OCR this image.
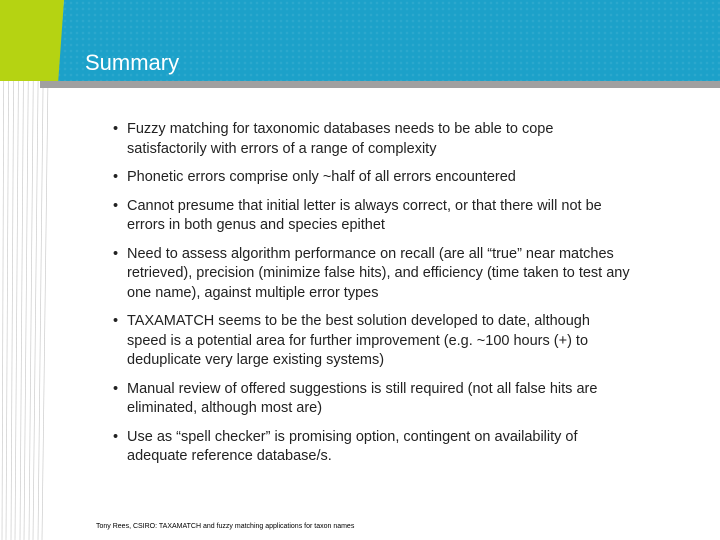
Summary
• Fuzzy matching for taxonomic databases needs to be able to cope satisfactorily with errors of a range of complexity
• Phonetic errors comprise only ~half of all errors encountered
• Cannot presume that initial letter is always correct, or that there will not be errors in both genus and species epithet
• Need to assess algorithm performance on recall (are all “true” near matches retrieved), precision (minimize false hits), and efficiency (time taken to test any one name), against multiple error types
• TAXAMATCH seems to be the best solution developed to date, although speed is a potential area for further improvement (e.g. ~100 hours (+) to deduplicate very large existing systems)
• Manual review of offered suggestions is still required (not all false hits are eliminated, although most are)
• Use as “spell checker” is promising option, contingent on availability of adequate reference database/s.
Tony Rees, CSIRO: TAXAMATCH and fuzzy matching applications for taxon names
